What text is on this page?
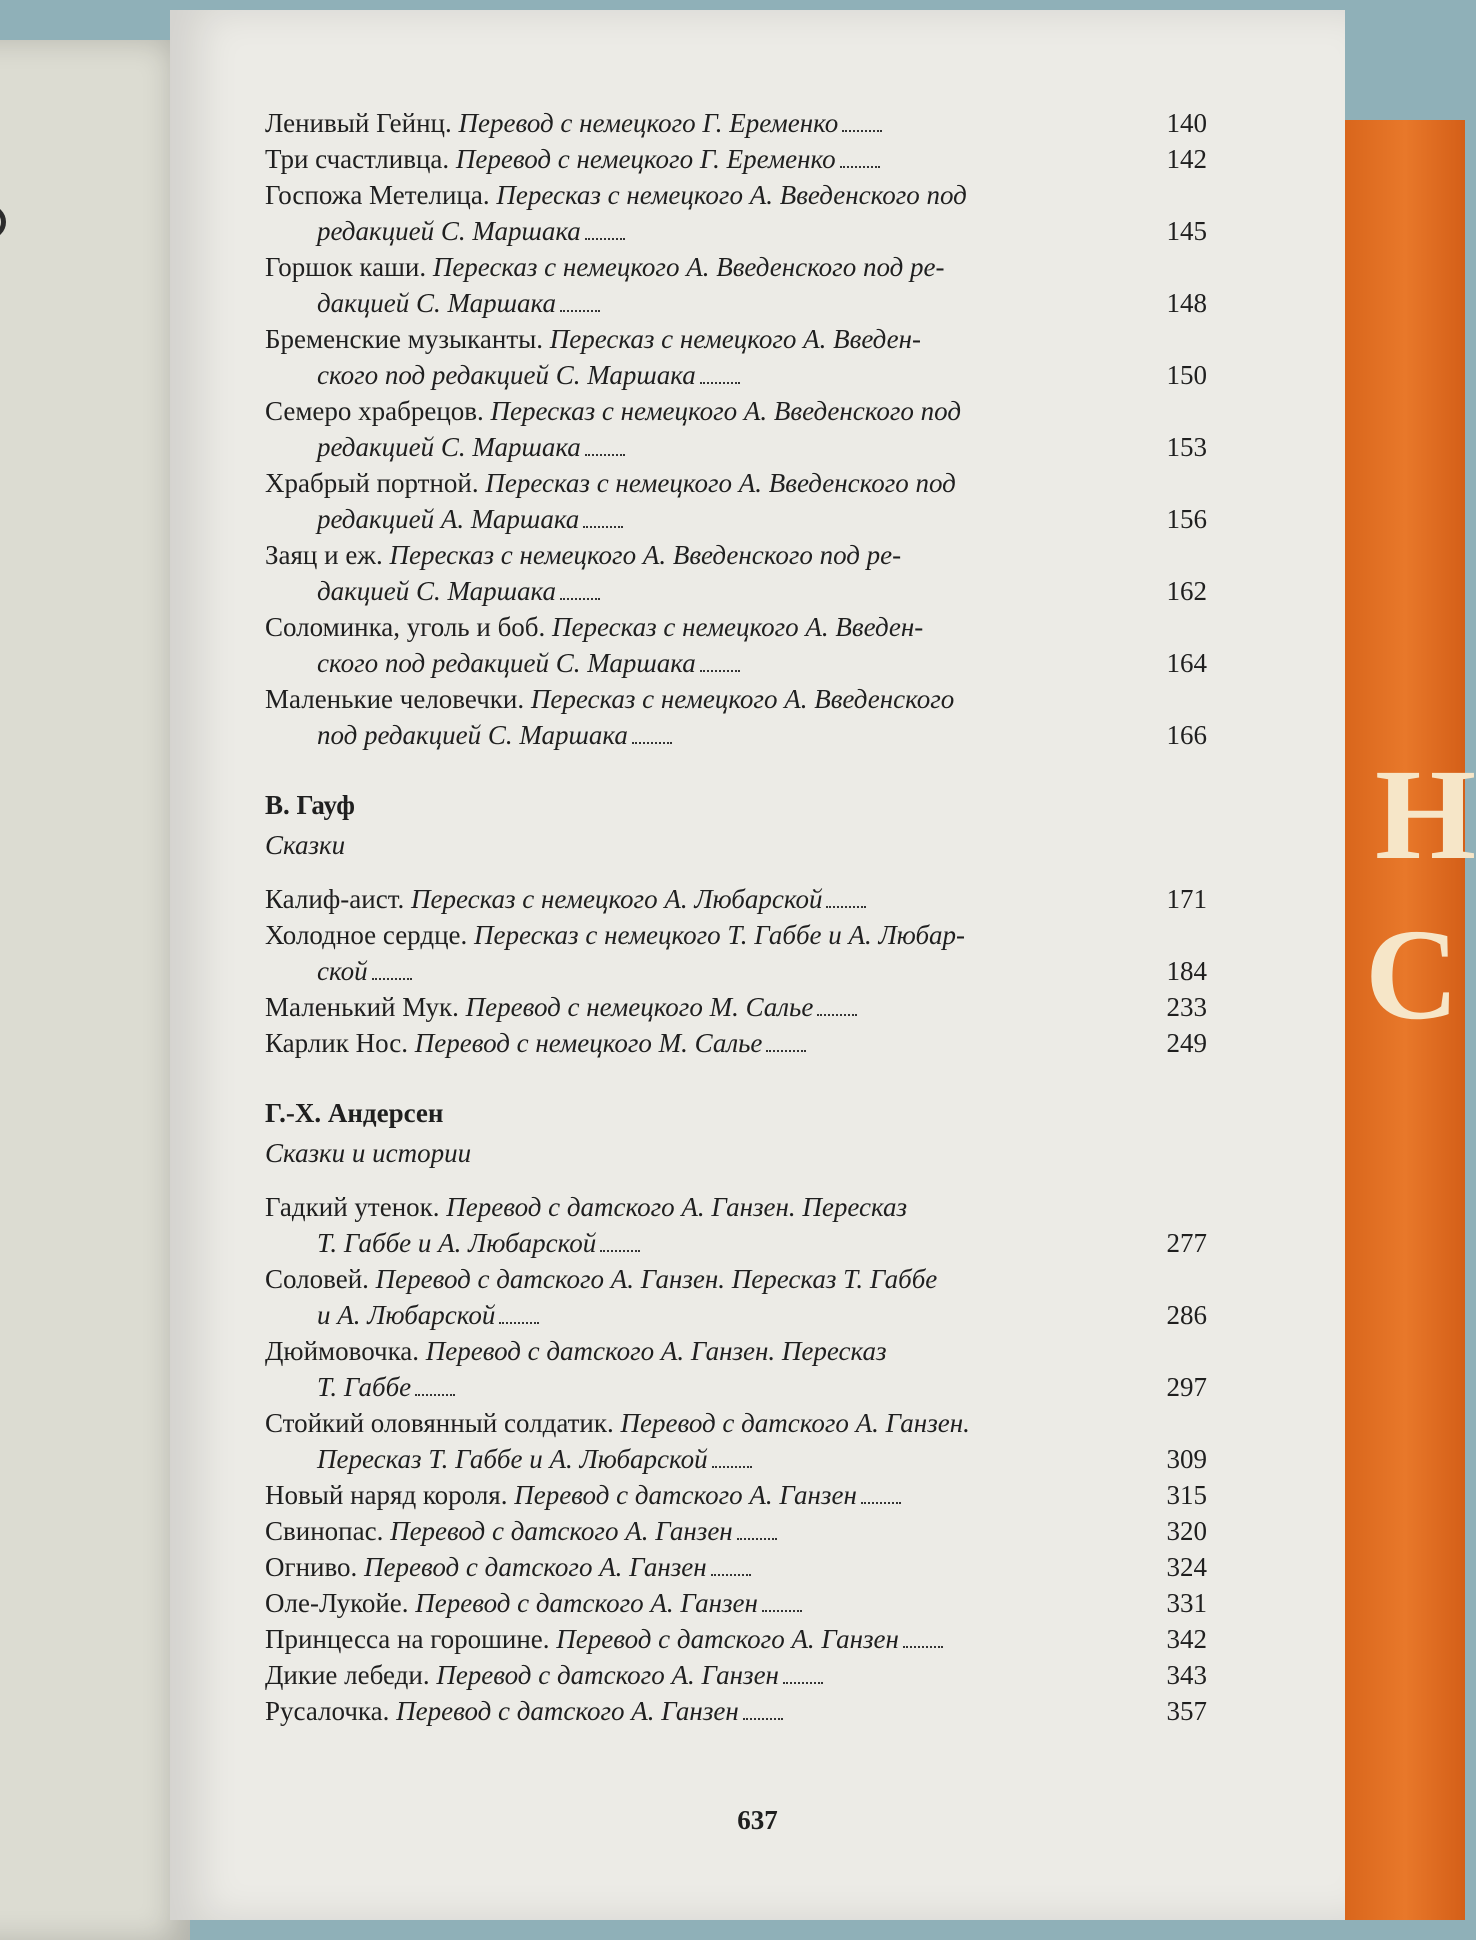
Н
С
Ленивый Гейнц. Перевод с немецкого Г. Еременко	140
Три счастливца. Перевод с немецкого Г. Еременко	142
Госпожа Метелица. Пересказ с немецкого А. Введенского под
редакцией С. Маршака	145
Горшок каши. Пересказ с немецкого А. Введенского под ре-
дакцией С. Маршака	148
Бременские музыканты. Пересказ с немецкого А. Введен-
ского под редакцией С. Маршака	150
Семеро храбрецов. Пересказ с немецкого А. Введенского под
редакцией С. Маршака	153
Храбрый портной. Пересказ с немецкого А. Введенского под
редакцией А. Маршака	156
Заяц и еж. Пересказ с немецкого А. Введенского под ре-
дакцией С. Маршака	162
Соломинка, уголь и боб. Пересказ с немецкого А. Введен-
ского под редакцией С. Маршака	164
Маленькие человечки. Пересказ с немецкого А. Введенского
под редакцией С. Маршака	166
В. Гауф
Сказки
Калиф-аист. Пересказ с немецкого А. Любарской	171
Холодное сердце. Пересказ с немецкого Т. Габбе и А. Любар-
ской	184
Маленький Мук. Перевод с немецкого М. Салье	233
Карлик Нос. Перевод с немецкого М. Салье	249
Г.-Х. Андерсен
Сказки и истории
Гадкий утенок. Перевод с датского А. Ганзен. Пересказ
Т. Габбе и А. Любарской	277
Соловей. Перевод с датского А. Ганзен. Пересказ Т. Габбе
и А. Любарской	286
Дюймовочка. Перевод с датского А. Ганзен. Пересказ
Т. Габбе	297
Стойкий оловянный солдатик. Перевод с датского А. Ганзен.
Пересказ Т. Габбе и А. Любарской	309
Новый наряд короля. Перевод с датского А. Ганзен	315
Свинопас. Перевод с датского А. Ганзен	320
Огниво. Перевод с датского А. Ганзен	324
Оле-Лукойе. Перевод с датского А. Ганзен	331
Принцесса на горошине. Перевод с датского А. Ганзен	342
Дикие лебеди. Перевод с датского А. Ганзен	343
Русалочка. Перевод с датского А. Ганзен	357
637
